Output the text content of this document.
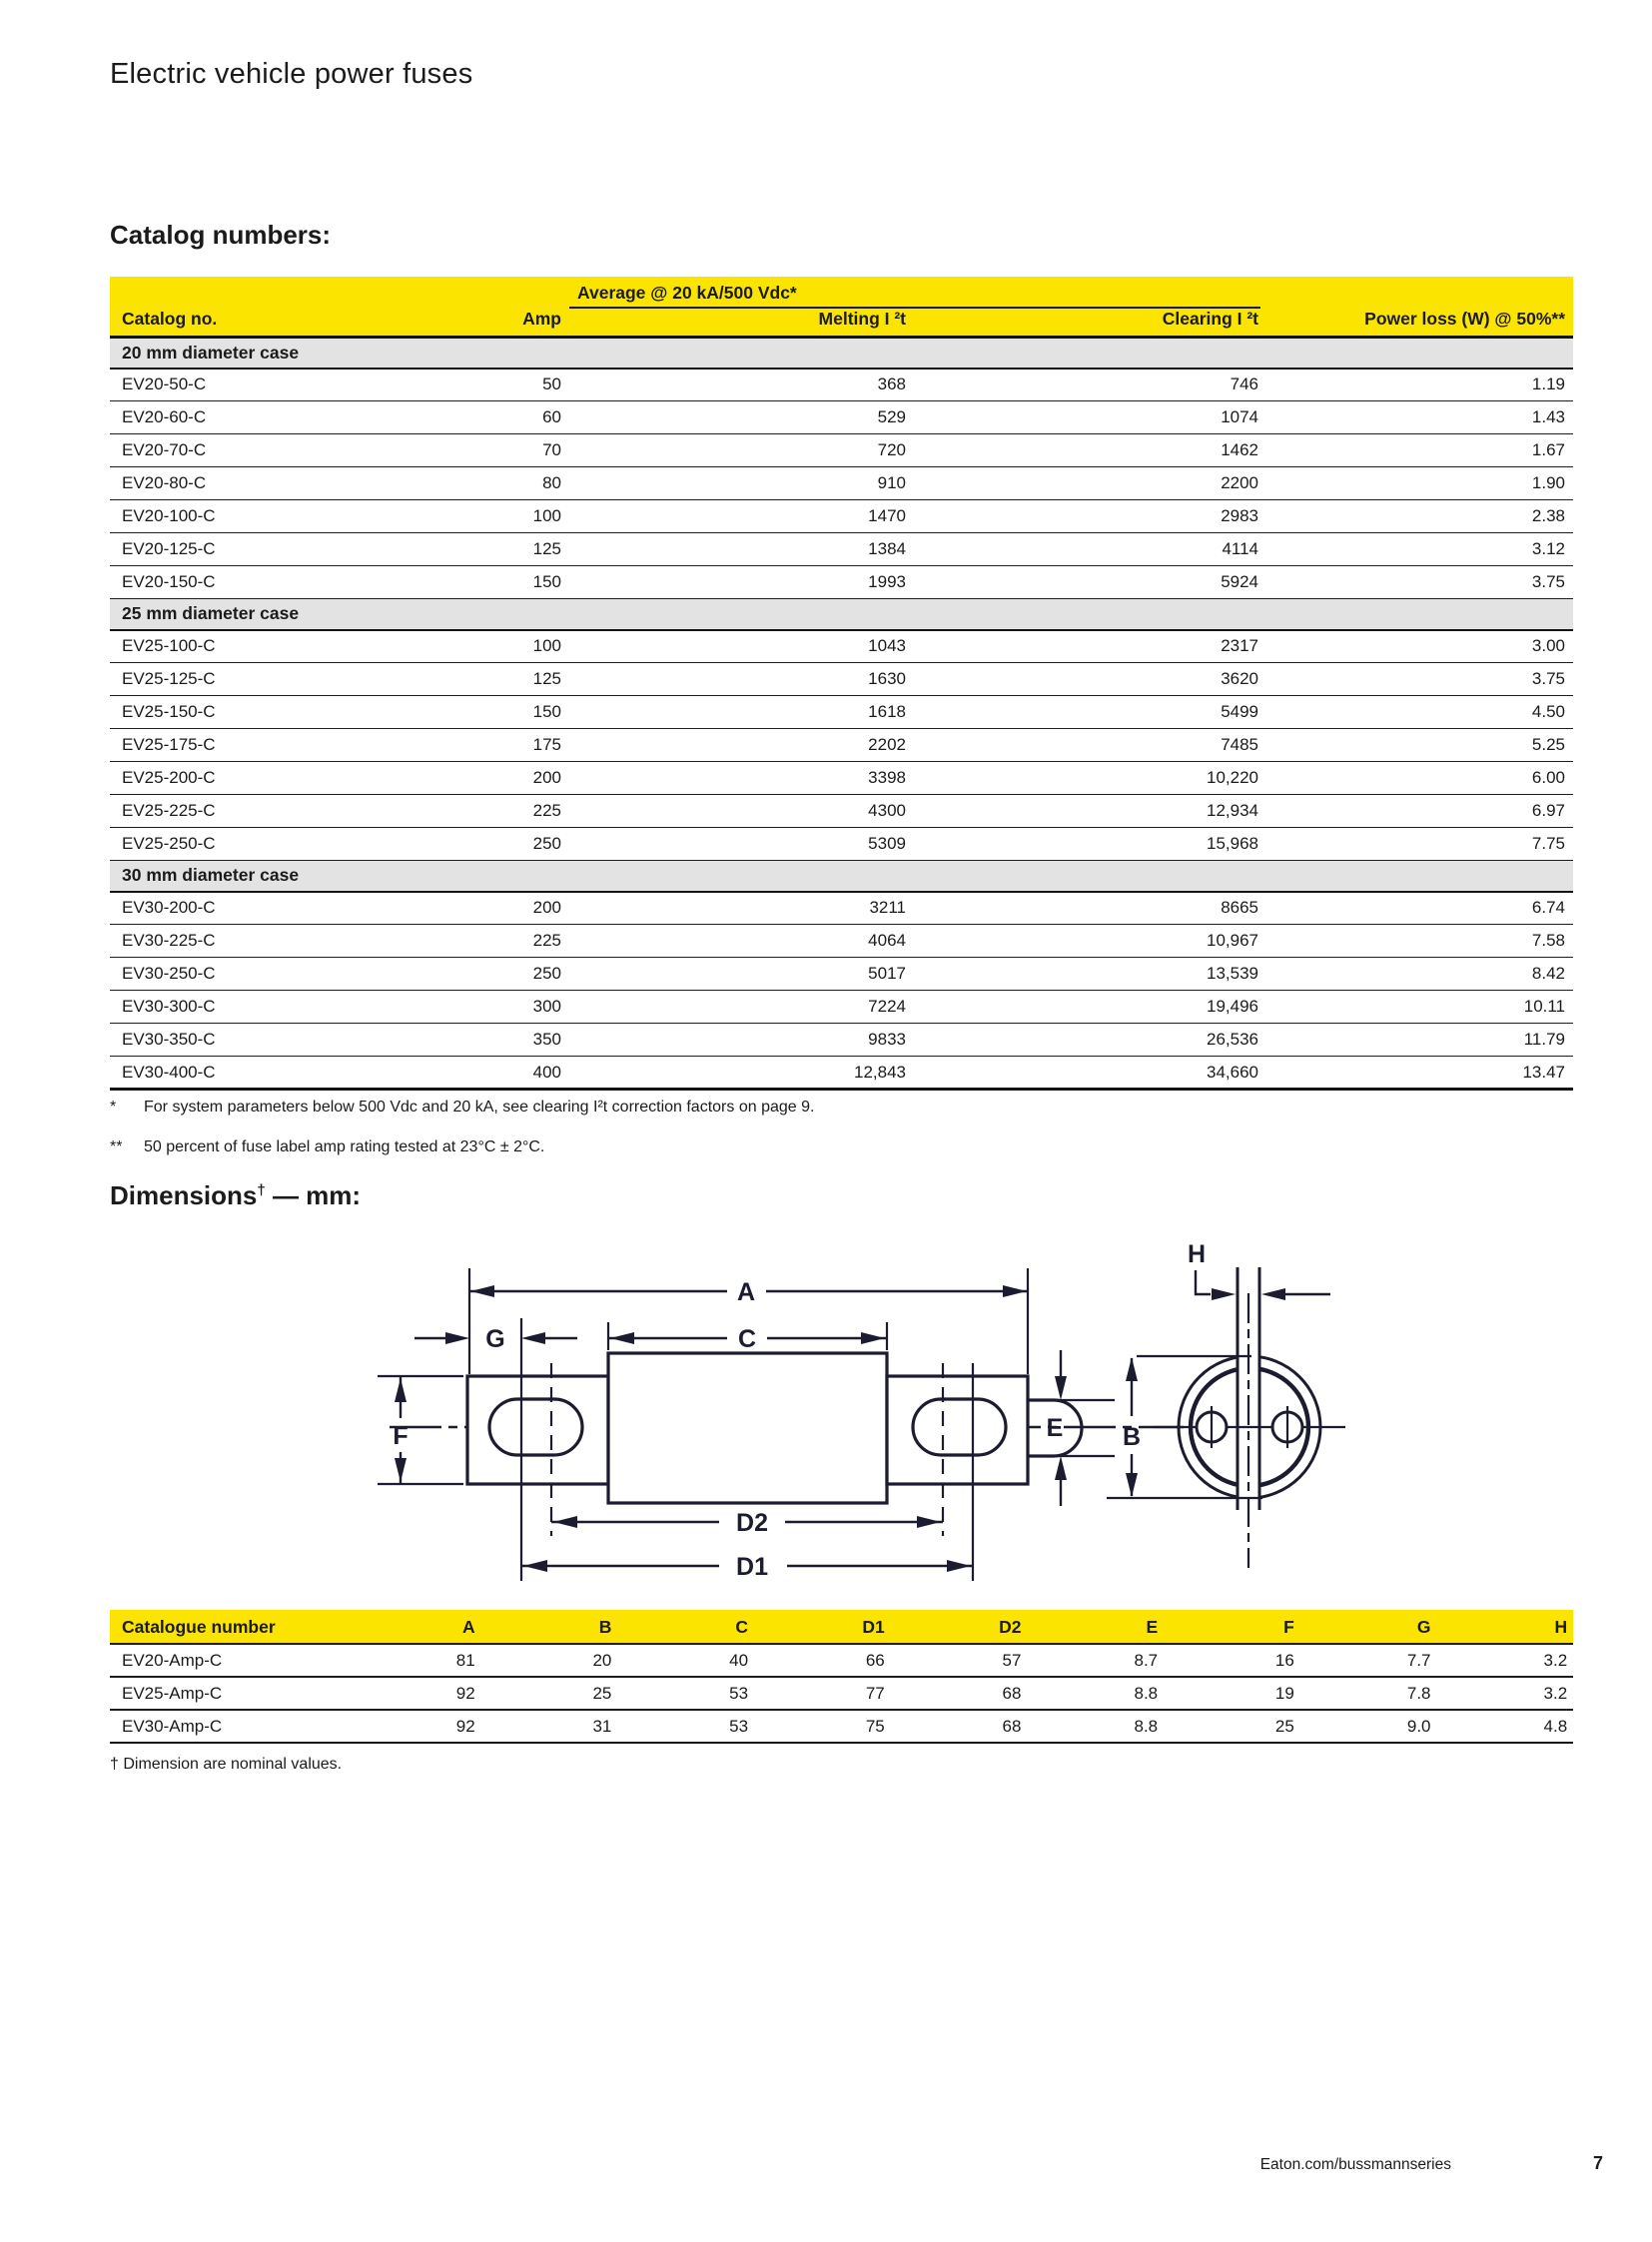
Electric vehicle power fuses
Catalog numbers:

		Average @ 20 kA/500 Vdc*		

Catalog no.	Amp	Melting I ²t	Clearing I ²t	Power loss (W) @ 50%**
20 mm diameter case				
EV20-50-C	50	368	746	1.19
EV20-60-C	60	529	1074	1.43
EV20-70-C	70	720	1462	1.67
EV20-80-C	80	910	2200	1.90
EV20-100-C	100	1470	2983	2.38
EV20-125-C	125	1384	4114	3.12
EV20-150-C	150	1993	5924	3.75
25 mm diameter case				
EV25-100-C	100	1043	2317	3.00
EV25-125-C	125	1630	3620	3.75
EV25-150-C	150	1618	5499	4.50
EV25-175-C	175	2202	7485	5.25
EV25-200-C	200	3398	10,220	6.00
EV25-225-C	225	4300	12,934	6.97
EV25-250-C	250	5309	15,968	7.75
30 mm diameter case				
EV30-200-C	200	3211	8665	6.74
EV30-225-C	225	4064	10,967	7.58
EV30-250-C	250	5017	13,539	8.42
EV30-300-C	300	7224	19,496	10.11
EV30-350-C	350	9833	26,536	11.79
EV30-400-C	400	12,843	34,660	13.47
*	For system parameters below 500 Vdc and 20 kA, see clearing I²t correction factors on page 9.
**	50 percent of fuse label amp rating tested at 23°C ± 2°C.
Dimensions† — mm:
A
G	C
F	E
D2
D1
B
H
Catalogue number	A	B	C	D1	D2	E	F	G	H
EV20-Amp-C	81	20	40	66	57	8.7	16	7.7	3.2
EV25-Amp-C	92	25	53	77	68	8.8	19	7.8	3.2
EV30-Amp-C	92	31	53	75	68	8.8	25	9.0	4.8
† Dimension are nominal values.
Eaton.com/bussmannseries	7
